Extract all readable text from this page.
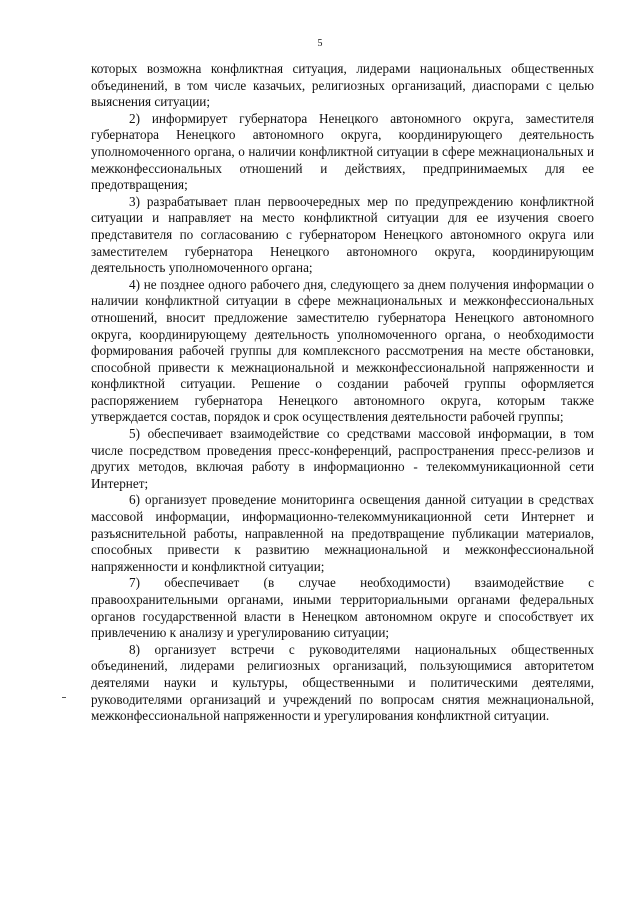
5

которых возможна конфликтная ситуация, лидерами национальных общественных объединений, в том числе казачьих, религиозных организаций, диаспорами с целью выяснения ситуации;

2) информирует губернатора Ненецкого автономного округа, заместителя губернатора Ненецкого автономного округа, координирующего деятельность уполномоченного органа, о наличии конфликтной ситуации в сфере межнациональных и межконфессиональных отношений и действиях, предпринимаемых для ее предотвращения;

3) разрабатывает план первоочередных мер по предупреждению конфликтной ситуации и направляет на место конфликтной ситуации для ее изучения своего представителя по согласованию с губернатором Ненецкого автономного округа или заместителем губернатора Ненецкого автономного округа, координирующим деятельность уполномоченного органа;

4) не позднее одного рабочего дня, следующего за днем получения информации о наличии конфликтной ситуации в сфере межнациональных и межконфессиональных отношений, вносит предложение заместителю губернатора Ненецкого автономного округа, координирующему деятельность уполномоченного органа, о необходимости формирования рабочей группы для комплексного рассмотрения на месте обстановки, способной привести к межнациональной и межконфессиональной напряженности и конфликтной ситуации. Решение о создании рабочей группы оформляется распоряжением губернатора Ненецкого автономного округа, которым также утверждается состав, порядок и срок осуществления деятельности рабочей группы;

5) обеспечивает взаимодействие со средствами массовой информации, в том числе посредством проведения пресс-конференций, распространения пресс-релизов и других методов, включая работу в информационно - телекоммуникационной сети Интернет;

6) организует проведение мониторинга освещения данной ситуации в средствах массовой информации, информационно-телекоммуникационной сети Интернет и разъяснительной работы, направленной на предотвращение публикации материалов, способных привести к развитию межнациональной и межконфессиональной напряженности и конфликтной ситуации;

7) обеспечивает (в случае необходимости) взаимодействие с правоохранительными органами, иными территориальными органами федеральных органов государственной власти в Ненецком автономном округе и способствует их привлечению к анализу и урегулированию ситуации;

8) организует встречи с руководителями национальных общественных объединений, лидерами религиозных организаций, пользующимися авторитетом деятелями науки и культуры, общественными и политическими деятелями, руководителями организаций и учреждений по вопросам снятия межнациональной, межконфессиональной напряженности и урегулирования конфликтной ситуации.
